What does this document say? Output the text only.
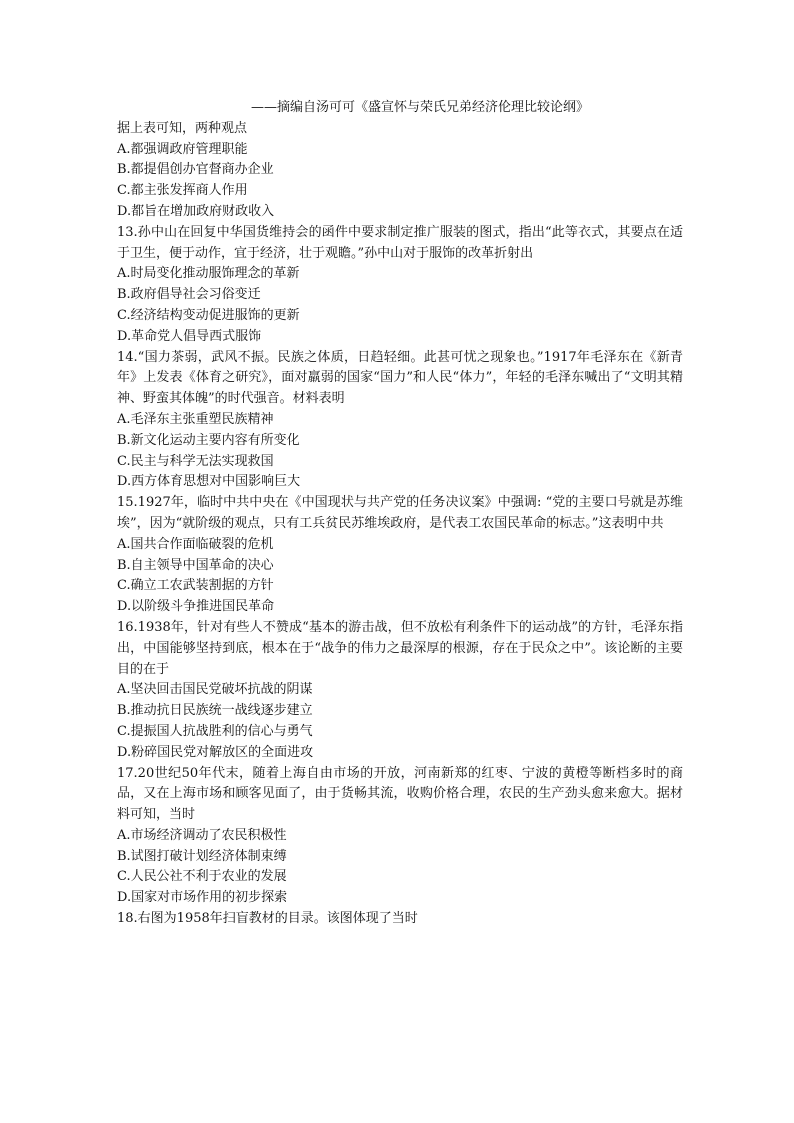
——摘编自汤可可《盛宣怀与荣氏兄弟经济伦理比较论纲》
据上表可知，两种观点
A.都强调政府管理职能
B.都提倡创办官督商办企业
C.都主张发挥商人作用
D.都旨在增加政府财政收入
13.孙中山在回复中华国货维持会的函件中要求制定推广服装的图式，指出“此等衣式，其要点在适于卫生，便于动作，宜于经济，壮于观瞻。”孙中山对于服饰的改革折射出
A.时局变化推动服饰理念的革新
B.政府倡导社会习俗变迁
C.经济结构变动促进服饰的更新
D.革命党人倡导西式服饰
14.“国力茶弱，武风不振。民族之体质，日趋轻细。此甚可忧之现象也。”1917年毛泽东在《新青年》上发表《体育之研究》，面对羸弱的国家“国力”和人民“体力”，年轻的毛泽东喊出了“文明其精神、野蛮其体魄”的时代强音。材料表明
A.毛泽东主张重塑民族精神
B.新文化运动主要内容有所变化
C.民主与科学无法实现救国
D.西方体育思想对中国影响巨大
15.1927年，临时中共中央在《中国现状与共产党的任务决议案》中强调: “党的主要口号就是苏维埃”，因为“就阶级的观点，只有工兵贫民苏维埃政府，是代表工农国民革命的标志。”这表明中共
A.国共合作面临破裂的危机
B.自主领导中国革命的决心
C.确立工农武装割据的方针
D.以阶级斗争推进国民革命
16.1938年，针对有些人不赞成“基本的游击战，但不放松有利条件下的运动战”的方针，毛泽东指出，中国能够坚持到底，根本在于“战争的伟力之最深厚的根源，存在于民众之中”。该论断的主要目的在于
A.坚决回击国民党破坏抗战的阴谋
B.推动抗日民族统一战线逐步建立
C.提振国人抗战胜利的信心与勇气
D.粉碎国民党对解放区的全面进攻
17.20世纪50年代末，随着上海自由市场的开放，河南新郑的红枣、宁波的黄橙等断档多时的商品，又在上海市场和顾客见面了，由于货畅其流，收购价格合理，农民的生产劲头愈来愈大。据材料可知，当时
A.市场经济调动了农民积极性
B.试图打破计划经济体制束缚
C.人民公社不利于农业的发展
D.国家对市场作用的初步探索
18.右图为1958年扫盲教材的目录。该图体现了当时
